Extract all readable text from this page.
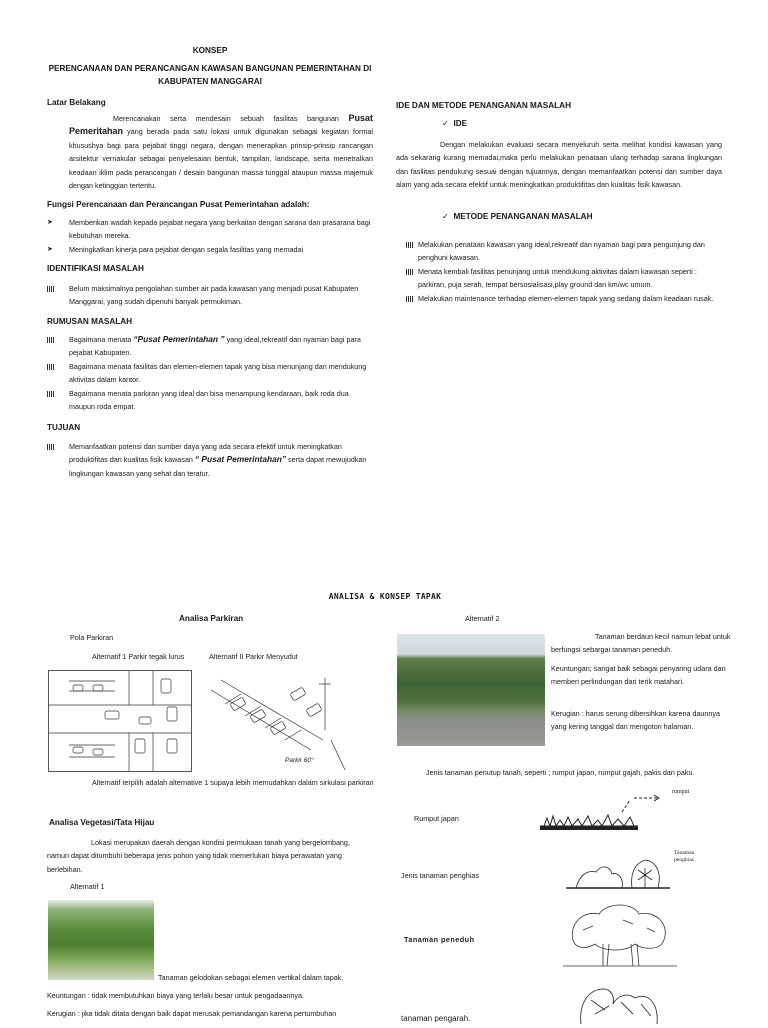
KONSEP
PERENCANAAN DAN PERANCANGAN KAWASAN BANGUNAN PEMERINTAHAN DI
KABUPATEN MANGGARAI
Latar Belakang
Merencanakan serta mendesain sebuah fasilitas bangunan Pusat Pemeritahan yang berada pada satu lokasi untuk digunakan sebagai kegiatan formal khusushya bagi para pejabat tinggi negara, dengan menerapkan prinsip-prinsip rancangan arsitektur vernakular sebagai penyelesaian bentuk, tampilan, landscape, serta menetralkan keadaan iklim pada perancangan / desain bangunan massa tunggal ataupun massa majemuk dengan ketinggian tertentu.
Fungsi Perencanaan dan Perancangan Pusat Pemerintahan adalah:
➤ Memberikan wadah kepada pejabat negara yang berkaitan dengan sarana dan prasarana bagi kebutuhan mereka.
➤ Meningkatkan kinerja para pejabat dengan segala fasilitas yang memadai
IDENTIFIKASI MASALAH
Belum maksimalnya pengolahan sumber air pada kawasan yang menjadi pusat Kabupaten Manggarai, yang sudah dipenuhi banyak permukiman.
RUMUSAN MASALAH
Bagaimana menata “Pusat Pemerintahan ” yang ideal,rekreatif dan nyaman bagi para pejabat Kabupaten.
Bagaimana menata fasilitas dan elemen-elemen tapak yang bisa menunjang dan mendukung aktivitas dalam kantor.
Bagaimana menata parkiran yang ideal dan bisa menampung kendaraan, baik roda dua maupun roda empat.
TUJUAN
Memanfaatkan potensi dan sumber daya yang ada secara efektif untuk meningkatkan produktifitas dan kualitas fisik kawasan “ Pusat Pemerintahan” serta dapat mewujudkan lingkungan kawasan yang sehat dan teratur.
IDE DAN METODE PENANGANAN MASALAH
✓ IDE
Dengan melakukan evaluasi secara menyeluruh serta melihat kondisi kawasan yang ada sekarang kurang memadai,maka perlu melakukan penataan ulang terhadap sarana lingkungan dan fasilitas pendukung sesuai dengan tujuannya, dengan memanfaatkan potensi dan sumber daya alam yang ada secara efektif untuk meningkatkan produktifitas dan kualitas fisik kawasan.
✓ METODE PENANGANAN MASALAH
Melakukan penataan kawasan yang ideal,rekreatif dan nyaman bagi para pengunjung dan penghuni kawasan.
Menata kembali fasilitas penunjang untuk mendukung aktivitas dalam kawasan seperti : parkiran, puja serah, tempat bersosialisasi,play ground dan km/wc umum.
Melakukan maintenance terhadap elemen-elemen tapak yang sedang dalam keadaan rusak.
ANALISA & KONSEP TAPAK
Analisa Parkiran
Pola Parkiran
Alternatif 1 Parkir tegak lurus	Alternatif II Parkir Menyudut
Parkir 60°
Alternatif terpilih adalah alternative 1 supaya lebih memudahkan dalam sirkulasi parkiran
Analisa Vegetasi/Tata Hijau
Lokasi merupakan daerah dengan kondisi permukaan tanah yang bergelombang, namun dapat ditumbuhi beberapa jenis pohon yang tidak memerlukan biaya perawatan yang berlebihan.
Alternatif 1
Tanaman gelodokan sebagai elemen vertikal dalam tapak.
Keuntungan : tidak membutuhkan biaya yang terlalu besar untuk pengadaannya.
Kerugian : jika tidak ditata dengan baik dapat merusak pemandangan karena pertumbuhan
Alternatif 2
Tanaman berdaun kecil namun lebat untuk berfungsi sebargai tanaman peneduh.
Keuntungan; sangat baik sebagai penyaring udara dan memberi perlindungan dari terik matahari.
Kerugian : harus serung dibersihkan karena daunnya yang kering tanggal dan mengotori halaman.
Jenis tanaman penutup tanah, seperti ; rumput japan, rumput gajah, pakis dan paku.
Rumput japan
rumput
Jenis tanaman penghias
Tanaman
penghias
Tanaman peneduh
tanaman pengarah.
